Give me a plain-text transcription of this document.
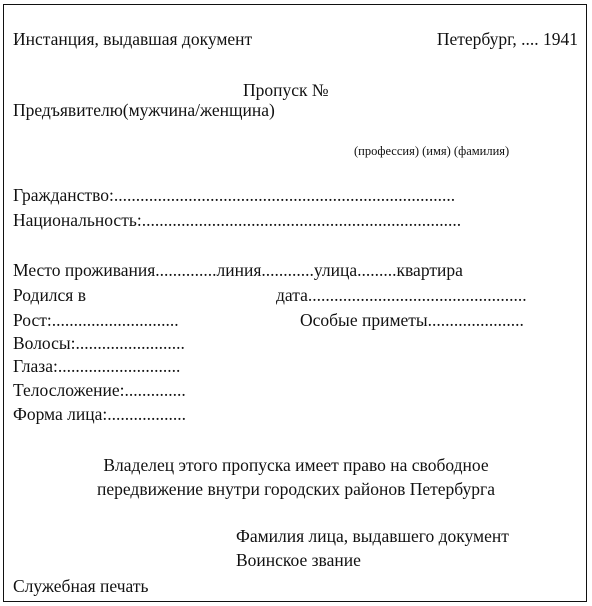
Инстанция, выдавшая документ	Петербург, .... 1941
Пропуск №
Предъявителю(мужчина/женщина)
(профессия) (имя) (фамилия)
Гражданство:..............................................................................
Национальность:.........................................................................
Место проживания..............линия............улица.........квартира
Родился в	дата..................................................
Рост:.............................	Особые приметы......................
Волосы:.........................
Глаза:............................
Телосложение:..............
Форма лица:..................
Владелец этого пропуска имеет право на свободное
передвижение внутри городских районов Петербурга
Фамилия лица, выдавшего документ
Воинское звание
Служебная печать
